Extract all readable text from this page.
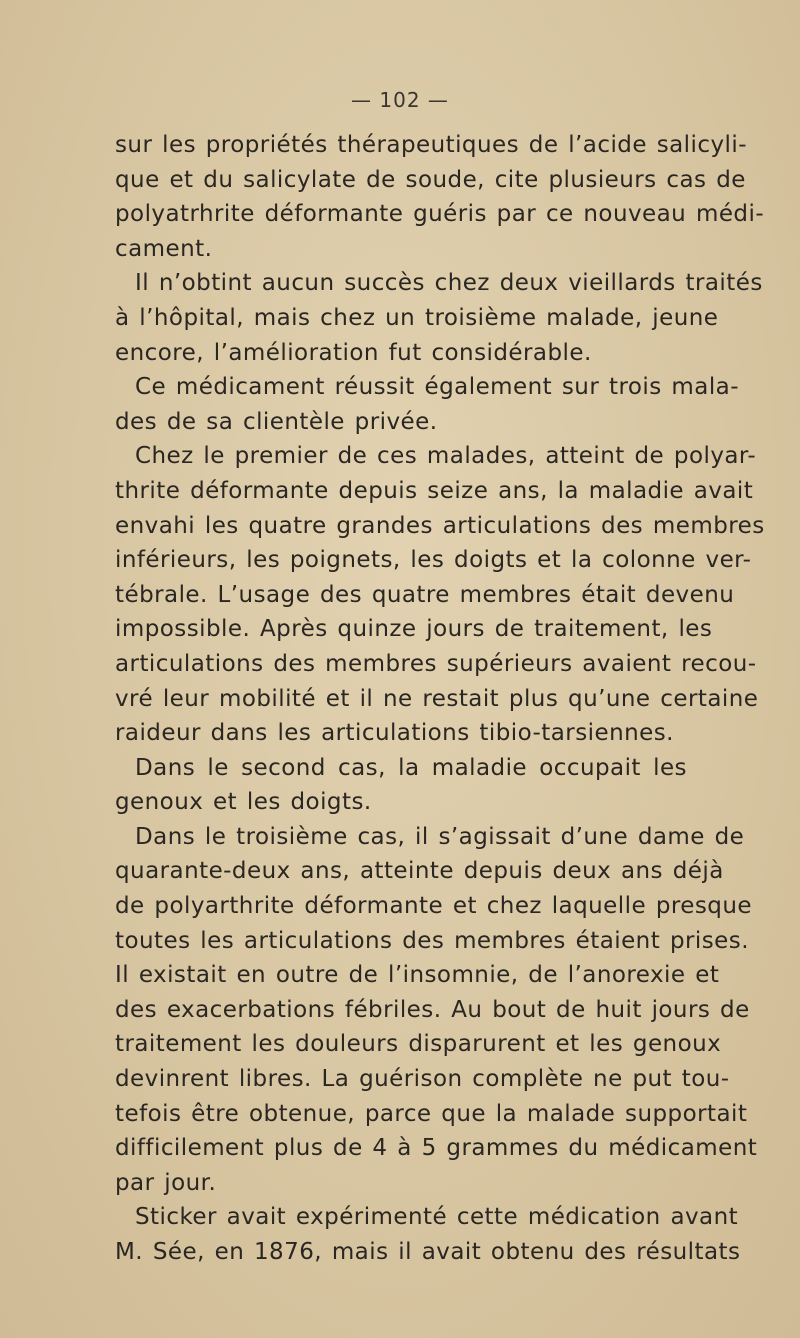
— 102 —
sur les propriétés thérapeutiques de l’acide salicyli-
que et du salicylate de soude, cite plusieurs cas de
polyatrhrite déformante guéris par ce nouveau médi-
cament.
Il n’obtint aucun succès chez deux vieillards traités
à l’hôpital, mais chez un troisième malade, jeune
encore, l’amélioration fut considérable.
Ce médicament réussit également sur trois mala-
des de sa clientèle privée.
Chez le premier de ces malades, atteint de polyar-
thrite déformante depuis seize ans, la maladie avait
envahi les quatre grandes articulations des membres
inférieurs, les poignets, les doigts et la colonne ver-
tébrale. L’usage des quatre membres était devenu
impossible. Après quinze jours de traitement, les
articulations des membres supérieurs avaient recou-
vré leur mobilité et il ne restait plus qu’une certaine
raideur dans les articulations tibio-tarsiennes.
Dans le second cas, la maladie occupait les
genoux et les doigts.
Dans le troisième cas, il s’agissait d’une dame de
quarante-deux ans, atteinte depuis deux ans déjà
de polyarthrite déformante et chez laquelle presque
toutes les articulations des membres étaient prises.
Il existait en outre de l’insomnie, de l’anorexie et
des exacerbations fébriles. Au bout de huit jours de
traitement les douleurs disparurent et les genoux
devinrent libres. La guérison complète ne put tou-
tefois être obtenue, parce que la malade supportait
difficilement plus de 4 à 5 grammes du médicament
par jour.
Sticker avait expérimenté cette médication avant
M. Sée, en 1876, mais il avait obtenu des résultats
